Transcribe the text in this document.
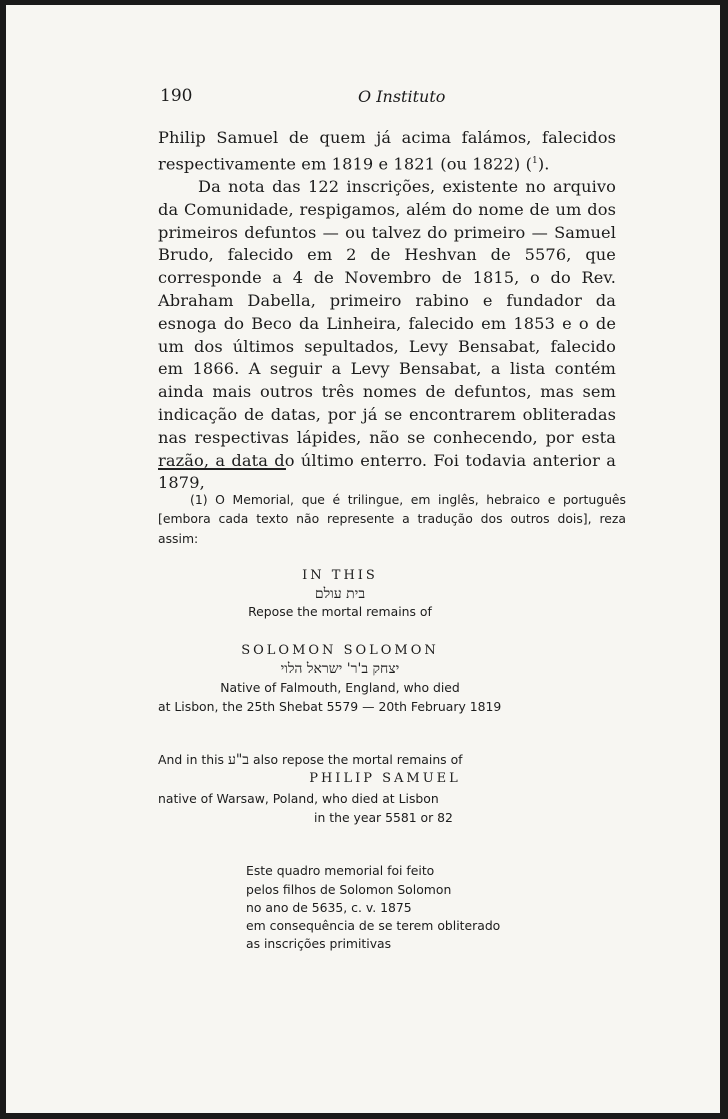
190	O Instituto

Philip Samuel de quem já acima falámos, falecidos respectivamente em 1819 e 1821 (ou 1822) ($^1$).

Da nota das 122 inscrições, existente no arquivo da Comunidade, respigamos, além do nome de um dos primeiros defuntos — ou talvez do primeiro — Samuel Brudo, falecido em 2 de Heshvan de 5576, que corresponde a 4 de Novembro de 1815, o do Rev. Abraham Dabella, primeiro rabino e fundador da esnoga do Beco da Linheira, falecido em 1853 e o de um dos últimos sepultados, Levy Bensabat, falecido em 1866. A seguir a Levy Bensabat, a lista contém ainda mais outros três nomes de defuntos, mas sem indicação de datas, por já se encontrarem obliteradas nas respectivas lápides, não se conhecendo, por esta razão, a data do último enterro. Foi todavia anterior a 1879,

(1) O Memorial, que é trilingue, em inglês, hebraico e português [embora cada texto não represente a tradução dos outros dois], reza assim:

IN THIS
בית עולם
Repose the mortal remains of
SOLOMON SOLOMON
יצחק ב'ר' ישראל הלוי
Native of Falmouth, England, who died
at Lisbon, the 25th Shebat 5579 — 20th February 1819
And in this ב"ע also repose the mortal remains of
PHILIP SAMUEL
native of Warsaw, Poland, who died at Lisbon
in the year 5581 or 82
Este quadro memorial foi feito
pelos filhos de Solomon Solomon
no ano de 5635, c. v. 1875
em consequência de se terem obliterado
as inscrições primitivas
